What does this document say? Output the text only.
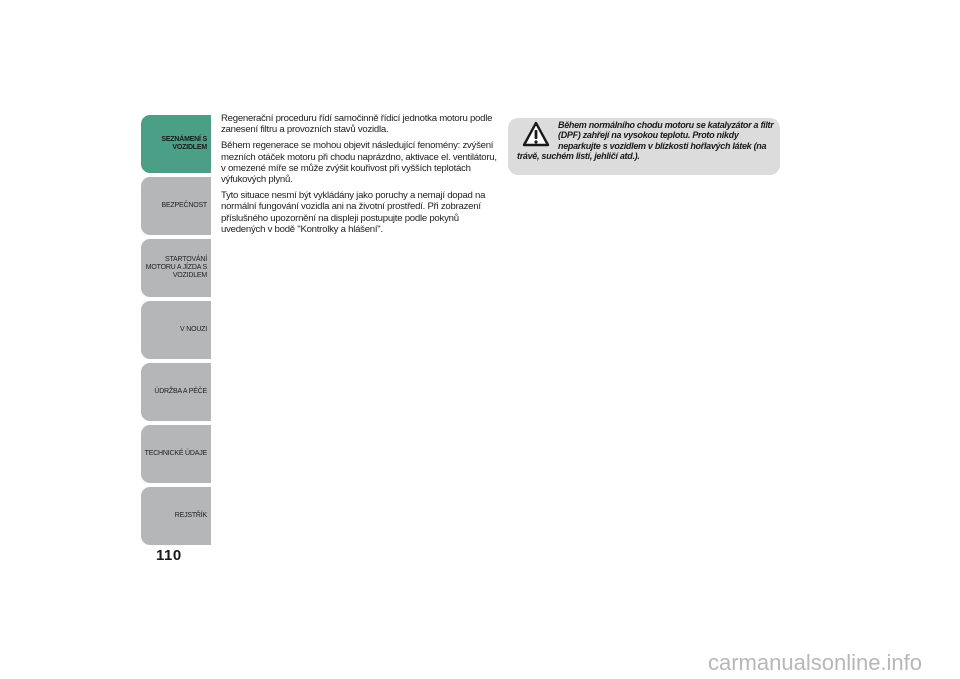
SEZNÁMENÍ S
VOZIDLEM
BEZPEČNOST
STARTOVÁNÍ
MOTORU A JÍZDA S
VOZIDLEM
V NOUZI
ÚDRŽBA A PÉČE
TECHNICKÉ ÚDAJE
REJSTŘÍK
110

Regenerační proceduru řídí samočinně řídicí jednotka motoru podle zanesení filtru a provozních stavů vozidla.

Během regenerace se mohou objevit následující fenomény: zvýšení mezních otáček motoru při chodu naprázdno, aktivace el. ventilátoru, v omezené míře se může zvýšit kouřivost při vyšších teplotách výfukových plynů.

Tyto situace nesmí být vykládány jako poruchy a nemají dopad na normální fungování vozidla ani na životní prostředí. Při zobrazení příslušného upozornění na displeji postupujte podle pokynů uvedených v bodě "Kontrolky a hlášení".

Během normálního chodu motoru se katalyzátor a filtr (DPF) zahřejí na vysokou teplotu. Proto nikdy neparkujte s vozidlem v blízkosti hořlavých látek (na trávě, suchém listí, jehličí atd.).
carmanualsonline.info
